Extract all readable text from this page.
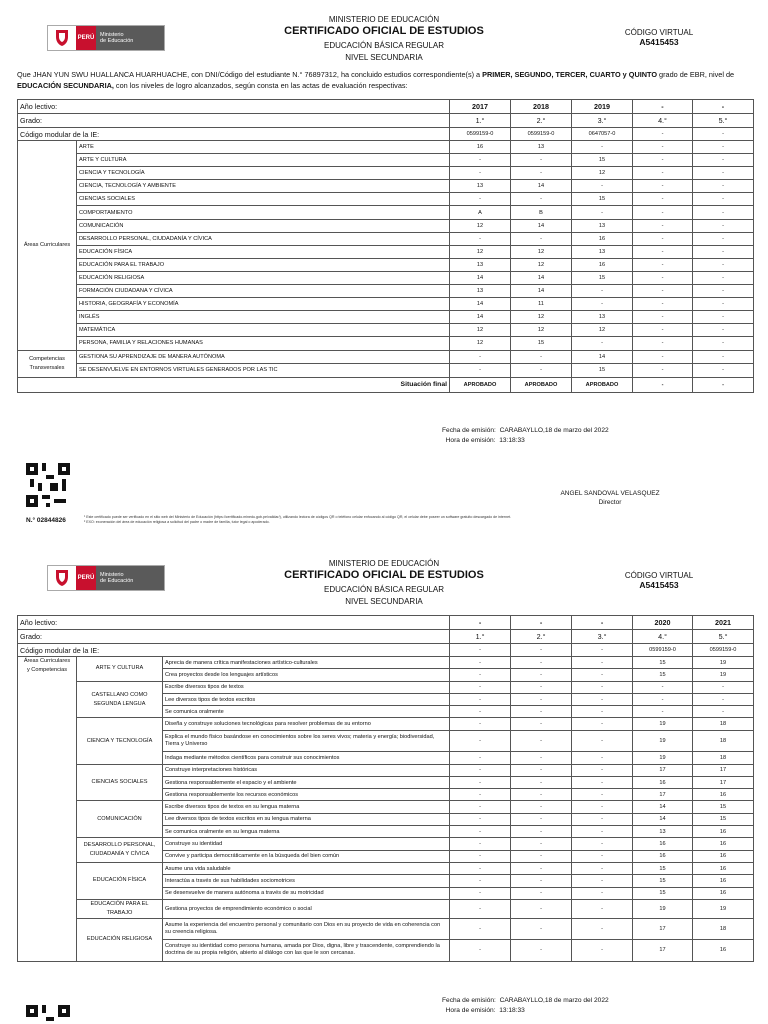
PERÚ
Ministerio
de Educación
MINISTERIO DE EDUCACIÓN
CERTIFICADO OFICIAL DE ESTUDIOS
EDUCACIÓN BÁSICA REGULAR
NIVEL SECUNDARIA
CÓDIGO VIRTUAL
A5415453
Que JHAN YUN SWU HUALLANCA HUARHUACHE, con DNI/Código del estudiante N.° 76897312, ha concluido estudios correspondiente(s) a PRIMER, SEGUNDO, TERCER, CUARTO y QUINTO grado de EBR, nivel de EDUCACIÓN SECUNDARIA, con los niveles de logro alcanzados, según consta en las actas de evaluación respectivas:
Año lectivo:		2017	2018	2019	-	-
Grado:		1.°	2.°	3.°	4.°	5.°
Código modular de la IE:		0599159-0	0599159-0	0647057-0	-	-
Áreas Curriculares	ARTE	16	13	-	-	-
	ARTE Y CULTURA	-	-	15	-	-
	CIENCIA Y TECNOLOGÍA	-	-	12	-	-
	CIENCIA, TECNOLOGÍA Y AMBIENTE	13	14	-	-	-
	CIENCIAS SOCIALES	-	-	15	-	-
	COMPORTAMIENTO	A	B	-	-	-
	COMUNICACIÓN	12	14	13	-	-
	DESARROLLO PERSONAL, CIUDADANÍA Y CÍVICA	-	-	16	-	-
	EDUCACIÓN FÍSICA	12	12	13	-	-
	EDUCACIÓN PARA EL TRABAJO	13	12	16	-	-
	EDUCACIÓN RELIGIOSA	14	14	15	-	-
	FORMACIÓN CIUDADANA Y CÍVICA	13	14	-	-	-
	HISTORIA, GEOGRAFÍA Y ECONOMÍA	14	11	-	-	-
	INGLÉS	14	12	13	-	-
	MATEMÁTICA	12	12	12	-	-
	PERSONA, FAMILIA Y RELACIONES HUMANAS	12	15	-	-	-

Competencias
Transversales	GESTIONA SU APRENDIZAJE DE MANERA AUTÓNOMA	-	-	14	-	-
	SE DESENVUELVE EN ENTORNOS VIRTUALES GENERADOS POR LAS TIC	-	-	15	-	-
Situación final		APROBADO	APROBADO	APROBADO	-	-
N.° 02844826
Fecha de emisión: CARABAYLLO,18 de marzo del 2022
Hora de emisión: 13:18:33
ANGEL SANDOVAL VELASQUEZ
Director
¹ Este certificado puede ser verificado en el sitio web del Ministerio de Educación (https://certificado.minedu.gob.pe/validar/), utilizando lectora de códigos QR o teléfono celular enfocando al código QR, el celular debe poseer un software gratuito descargado de internet.
² EXO: exoneración del área de educación religiosa a solicitud del padre o madre de familia, tutor legal o apoderado.
PERÚ
Ministerio
de Educación
MINISTERIO DE EDUCACIÓN
CERTIFICADO OFICIAL DE ESTUDIOS
EDUCACIÓN BÁSICA REGULAR
NIVEL SECUNDARIA
CÓDIGO VIRTUAL
A5415453
Año lectivo:			-	-	-	2020	2021
Grado:			1.°	2.°	3.°	4.°	5.°
Código modular de la IE:			-	-	-	0599159-0	0599159-0

Áreas Curriculares
y Competencias	ARTE Y CULTURA	Aprecia de manera crítica manifestaciones artístico-culturales	-	-	-	15	19
		Crea proyectos desde los lenguajes artísticos	-	-	-	15	19

	CASTELLANO COMO
SEGUNDA LENGUA	Escribe diversos tipos de textos	-	-	-	-	-
		Lee diversos tipos de textos escritos	-	-	-	-	-
		Se comunica oralmente	-	-	-	-	-

	CIENCIA Y TECNOLOGÍA	Diseña y construye soluciones tecnológicas para resolver problemas de su entorno	-	-	-	19	18
		Explica el mundo físico basándose en conocimientos sobre los seres vivos; materia y energía; biodiversidad, Tierra y Universo	-	-	-	19	18
		Indaga mediante métodos científicos para construir sus conocimientos	-	-	-	19	18

	CIENCIAS SOCIALES	Construye interpretaciones históricas	-	-	-	17	17
		Gestiona responsablemente el espacio y el ambiente	-	-	-	16	17
		Gestiona responsablemente los recursos económicos	-	-	-	17	16

	COMUNICACIÓN	Escribe diversos tipos de textos en su lengua materna	-	-	-	14	15
		Lee diversos tipos de textos escritos en su lengua materna	-	-	-	14	15
		Se comunica oralmente en su lengua materna	-	-	-	13	16

	DESARROLLO PERSONAL,
CIUDADANÍA Y CÍVICA	Construye su identidad	-	-	-	16	16
		Convive y participa democráticamente en la búsqueda del bien común	-	-	-	16	16

	EDUCACIÓN FÍSICA	Asume una vida saludable	-	-	-	15	16
		Interactúa a través de sus habilidades sociomotrices	-	-	-	15	16
		Se desenvuelve de manera autónoma a través de su motricidad	-	-	-	15	16

	EDUCACIÓN PARA EL
TRABAJO	Gestiona proyectos de emprendimiento económico o social	-	-	-	19	19

	EDUCACIÓN RELIGIOSA	Asume la experiencia del encuentro personal y comunitario con Dios en su proyecto de vida en coherencia con su creencia religiosa.	-	-	-	17	18
		Construye su identidad como persona humana, amada por Dios, digna, libre y trascendente, comprendiendo la doctrina de su propia religión, abierto al diálogo con las que le son cercanas.	-	-	-	17	16
Fecha de emisión: CARABAYLLO,18 de marzo del 2022
Hora de emisión: 13:18:33
